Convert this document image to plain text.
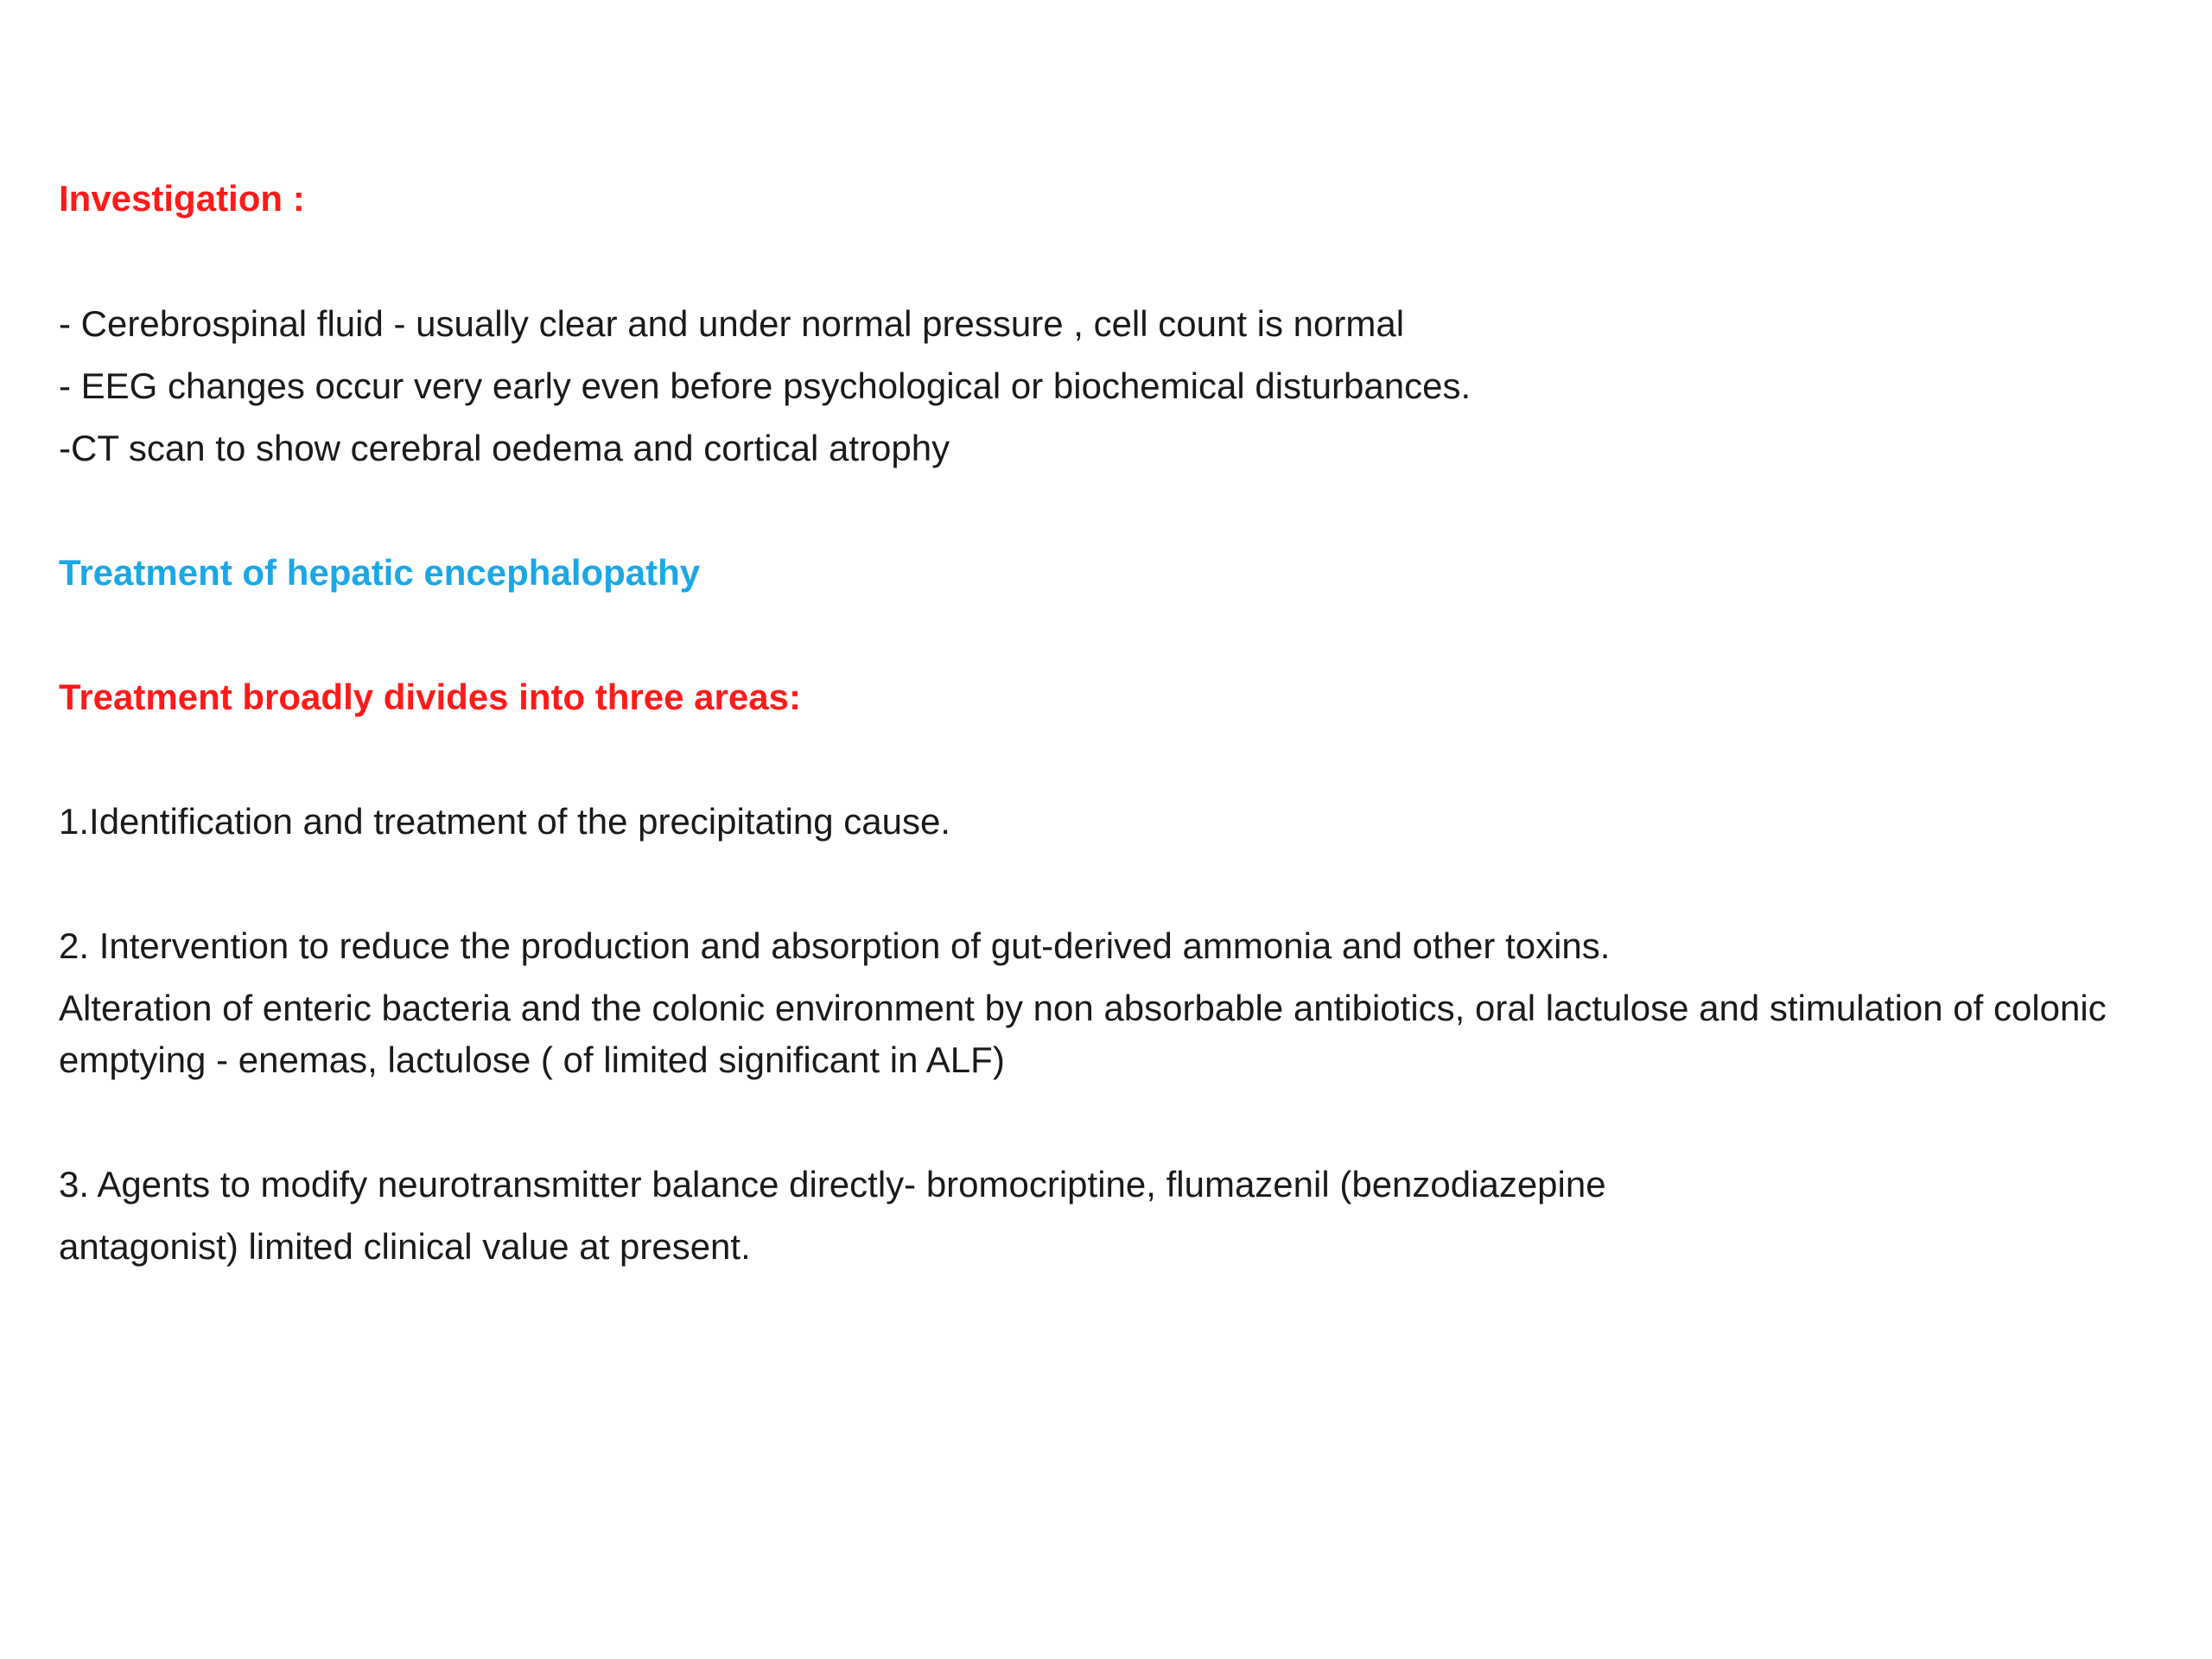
Investigation :

- Cerebrospinal fluid - usually clear and under normal pressure , cell count is normal

- EEG changes occur very early even before psychological or biochemical disturbances.

-CT scan to show cerebral oedema and cortical atrophy

Treatment of hepatic encephalopathy

Treatment broadly divides into three areas:

1.Identification and treatment of the precipitating cause.

2. Intervention to reduce the production and absorption of gut-derived ammonia and other toxins.

Alteration of enteric bacteria and the colonic environment by non absorbable antibiotics, oral lactulose and stimulation of colonic emptying - enemas, lactulose ( of limited significant in ALF)

3. Agents to modify neurotransmitter balance directly- bromocriptine, flumazenil (benzodiazepine

antagonist) limited clinical value at present.
